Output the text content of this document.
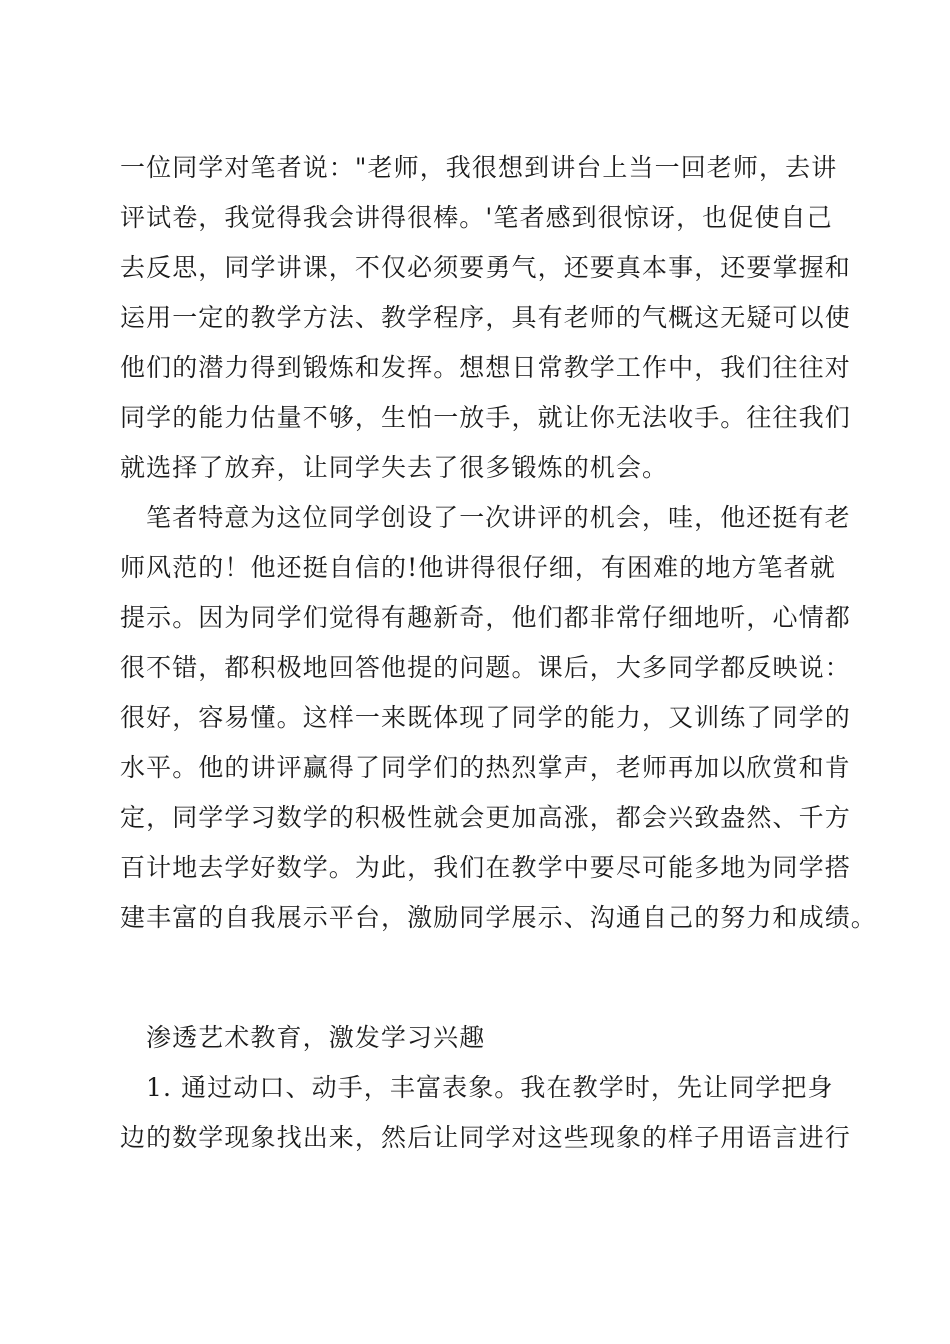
一位同学对笔者说："老师，我很想到讲台上当一回老师，去讲
评试卷，我觉得我会讲得很棒。'笔者感到很惊讶，也促使自己
去反思，同学讲课，不仅必须要勇气，还要真本事，还要掌握和
运用一定的教学方法、教学程序，具有老师的气概这无疑可以使
他们的潜力得到锻炼和发挥。想想日常教学工作中，我们往往对
同学的能力估量不够，生怕一放手，就让你无法收手。往往我们
就选择了放弃，让同学失去了很多锻炼的机会。
笔者特意为这位同学创设了一次讲评的机会，哇，他还挺有老
师风范的！他还挺自信的!他讲得很仔细，有困难的地方笔者就
提示。因为同学们觉得有趣新奇，他们都非常仔细地听，心情都
很不错，都积极地回答他提的问题。课后，大多同学都反映说：
很好，容易懂。这样一来既体现了同学的能力，又训练了同学的
水平。他的讲评赢得了同学们的热烈掌声，老师再加以欣赏和肯
定，同学学习数学的积极性就会更加高涨，都会兴致盎然、千方
百计地去学好数学。为此，我们在教学中要尽可能多地为同学搭
建丰富的自我展示平台，激励同学展示、沟通自己的努力和成绩。
渗透艺术教育，激发学习兴趣
1. 通过动口、动手，丰富表象。我在教学时，先让同学把身
边的数学现象找出来，然后让同学对这些现象的样子用语言进行
